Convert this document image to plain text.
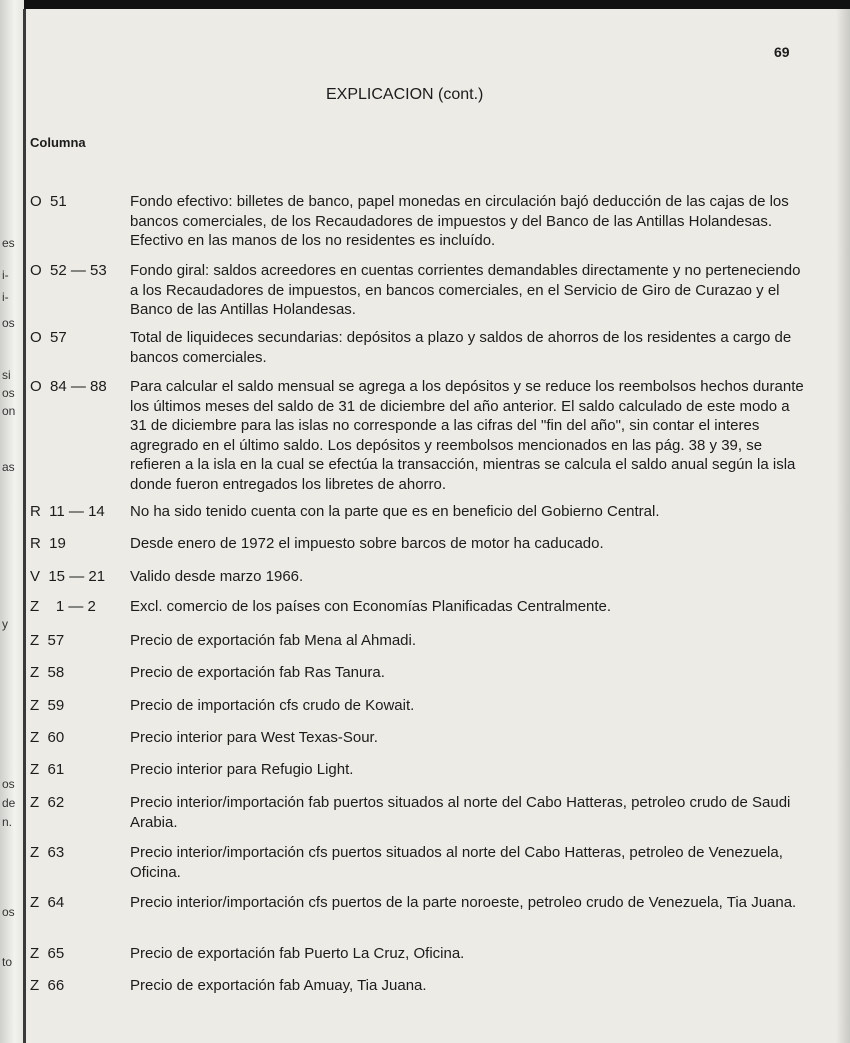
es
i-
i-
os
si
os
on
as
y
os
de
n.
os
to
69
EXPLICACION (cont.)
Columna
O  51	Fondo efectivo: billetes de banco, papel monedas en circulación bajó deducción de las cajas de los bancos comerciales, de los Recaudadores de impuestos y del Banco de las Antillas Holandesas. Efectivo en las manos de los no residentes es incluído.
O  52 — 53	Fondo giral: saldos acreedores en cuentas corrientes demandables directamente y no perteneciendo a los Recaudadores de impuestos, en bancos comerciales, en el Servicio de Giro de Curazao y el Banco de las Antillas Holandesas.
O  57	Total de liquideces secundarias: depósitos a plazo y saldos de ahorros de los residentes a cargo de bancos comerciales.
O  84 — 88	Para calcular el saldo mensual se agrega a los depósitos y se reduce los reembolsos hechos durante los últimos meses del saldo de 31 de diciembre del año anterior. El saldo calculado de este modo a 31 de diciembre para las islas no corresponde a las cifras del "fin del año", sin contar el interes agregrado en el último saldo. Los depósitos y reembolsos mencionados en las pág. 38 y 39, se refieren a la isla en la cual se efectúa la transacción, mientras se calcula el saldo anual según la isla donde fueron entregados los libretes de ahorro.
R  11 — 14	No ha sido tenido cuenta con la parte que es en beneficio del Gobierno Central.
R  19	Desde enero de 1972 el impuesto sobre barcos de motor ha caducado.
V  15 — 21	Valido desde marzo 1966.
Z    1 — 2	Excl. comercio de los países con Economías Planificadas Centralmente.
Z  57	Precio de exportación fab Mena al Ahmadi.
Z  58	Precio de exportación fab Ras Tanura.
Z  59	Precio de importación cfs crudo de Kowait.
Z  60	Precio interior para West Texas-Sour.
Z  61	Precio interior para Refugio Light.
Z  62	Precio interior/importación fab puertos situados al norte del Cabo Hatteras, petroleo crudo de Saudi Arabia.
Z  63	Precio interior/importación cfs puertos situados al norte del Cabo Hatteras, petroleo de Venezuela, Oficina.
Z  64	Precio interior/importación cfs puertos de la parte noroeste, petroleo crudo de Venezuela, Tia Juana.
Z  65	Precio de exportación fab Puerto La Cruz, Oficina.
Z  66	Precio de exportación fab Amuay, Tia Juana.
